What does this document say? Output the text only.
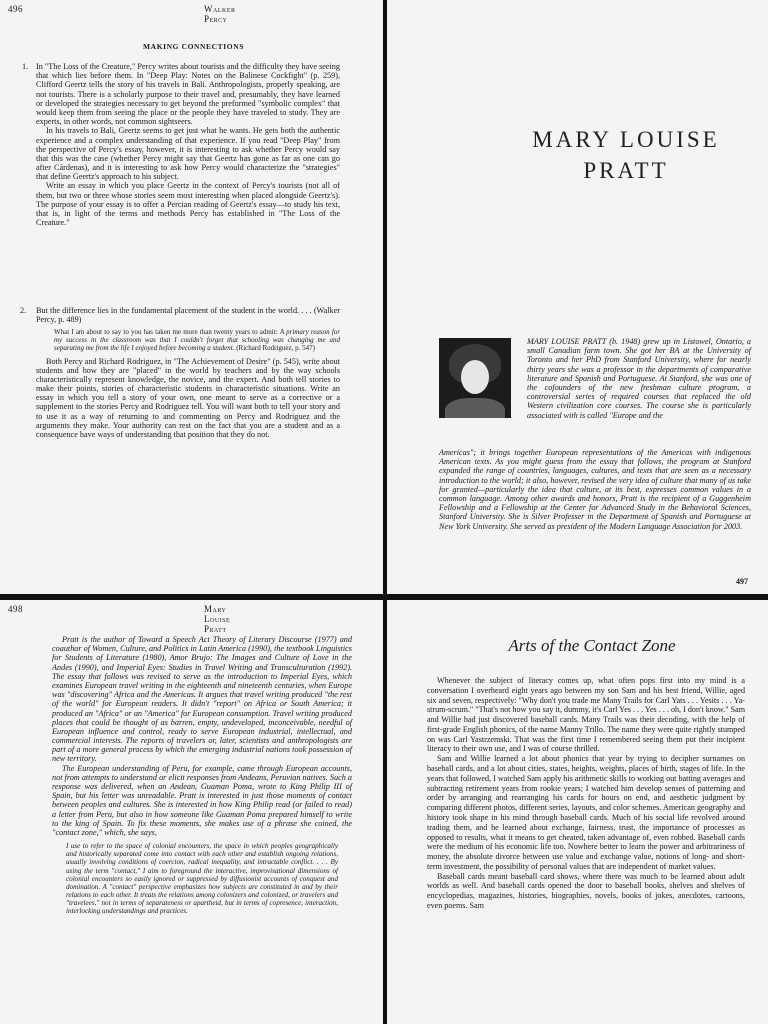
496	Walker Percy
MAKING CONNECTIONS
1. In "The Loss of the Creature," Percy writes about tourists and the difficulty they have seeing that which lies before them. In "Deep Play: Notes on the Balinese Cockfight" (p. 259), Clifford Geertz tells the story of his travels in Bali. Anthropologists, properly speaking, are not tourists. There is a scholarly purpose to their travel and, presumably, they have learned or developed the strategies necessary to get beyond the preformed "symbolic complex" that would keep them from seeing the place or the people they have traveled to study. They are experts, in other words, not common sightseers.

In his travels to Bali, Geertz seems to get just what he wants. He gets both the authentic experience and a complex understanding of that experience. If you read "Deep Play" from the perspective of Percy's essay, however, it is interesting to ask whether Percy would say that this was the case (whether Percy might say that Geertz has gone as far as one can go after Cárdenas), and it is interesting to ask how Percy would characterize the "strategies" that define Geertz's approach to his subject.

Write an essay in which you place Geertz in the context of Percy's tourists (not all of them, but two or three whose stories seem most interesting when placed alongside Geertz's). The purpose of your essay is to offer a Percian reading of Geertz's essay—to study his text, that is, in light of the terms and methods Percy has established in "The Loss of the Creature."

2. But the difference lies in the fundamental placement of the student in the world. . . . (Walker Percy, p. 489)

What I am about to say to you has taken me more than twenty years to admit: A primary reason for my success in the classroom was that I couldn't forget that schooling was changing me and separating me from the life I enjoyed before becoming a student. (Richard Rodriguez, p. 547)

Both Percy and Richard Rodriguez, in "The Achievement of Desire" (p. 545), write about students and how they are "placed" in the world by teachers and by the way schools characteristically represent knowledge, the novice, and the expert. And both tell stories to make their points, stories of characteristic students in characteristic situations. Write an essay in which you tell a story of your own, one meant to serve as a corrective or a supplement to the stories Percy and Rodriguez tell. You will want both to tell your story and to use it as a way of returning to and commenting on Percy and Rodriguez and the arguments they make. Your authority can rest on the fact that you are a student and as a consequence have ways of understanding that position that they do not.

MARY LOUISE
PRATT

MARY LOUISE PRATT (b. 1948) grew up in Listowel, Ontario, a small Canadian farm town. She got her BA at the University of Toronto and her PhD from Stanford University, where for nearly thirty years she was a professor in the departments of comparative literature and Spanish and Portuguese. At Stanford, she was one of the cofounders of the new freshman culture program, a controversial series of required courses that replaced the old Western civilization core courses. The course she is particularly associated with is called "Europe and the

Americas"; it brings together European representations of the Americas with indigenous American texts. As you might guess from the essay that follows, the program at Stanford expanded the range of countries, languages, cultures, and texts that are seen as a necessary introduction to the world; it also, however, revised the very idea of culture that many of us take for granted—particularly the idea that culture, at its best, expresses common values in a common language. Among other awards and honors, Pratt is the recipient of a Guggenheim Fellowship and a Fellowship at the Center for Advanced Study in the Behavioral Sciences, Stanford University. She is Silver Professer in the Department of Spanish and Portuguese at New York University. She served as president of the Modern Language Association for 2003.

497
498	Mary Louise Pratt

Pratt is the author of Toward a Speech Act Theory of Literary Discourse (1977) and coauthor of Women, Culture, and Politics in Latin America (1990), the textbook Linguistics for Students of Literature (1980), Amor Brujo: The Images and Culture of Love in the Andes (1990), and Imperial Eyes: Studies in Travel Writing and Transculturation (1992). The essay that follows was revised to serve as the introduction to Imperial Eyes, which examines European travel writing in the eighteenth and nineteenth centuries, when Europe was "discovering" Africa and the Americas. It argues that travel writing produced "the rest of the world" for European readers. It didn't "report" on Africa or South America; it produced an "Africa" or an "America" for European consumption. Travel writing produced places that could be thought of as barren, empty, undeveloped, inconceivable, needful of European influence and control, ready to serve European industrial, intellectual, and commercial interests. The reports of travelers or, later, scientists and anthropologists are part of a more general process by which the emerging industrial nations took possession of new territory.

The European understanding of Peru, for example, came through European accounts, not from attempts to understand or elicit responses from Andeans, Peruvian natives. Such a response was delivered, when an Andean, Guaman Poma, wrote to King Philip III of Spain, but his letter was unreadable. Pratt is interested in just those moments of contact between peoples and cultures. She is interested in how King Philip read (or failed to read) a letter from Peru, but also in how someone like Guaman Poma prepared himself to write to the king of Spain. To fix these moments, she makes use of a phrase she coined, the "contact zone," which, she says,

I use to refer to the space of colonial encounters, the space in which peoples geographically and historically separated come into contact with each other and establish ongoing relations, usually involving conditions of coercion, radical inequality, and intractable conflict. . . . By using the term "contact," I aim to foreground the interactive, improvisational dimensions of colonial encounters so easily ignored or suppressed by diffusionist accounts of conquest and domination. A "contact" perspective emphasizes how subjects are constituted in and by their relations to each other. It treats the relations among colonizers and colonized, or travelers and "travelees," not in terms of separateness or apartheid, but in terms of copresence, interaction, interlocking understandings and practices.

Arts of the Contact Zone

Whenever the subject of literacy comes up, what often pops first into my mind is a conversation I overheard eight years ago between my son Sam and his best friend, Willie, aged six and seven, respectively: "Why don't you trade me Many Trails for Carl Yats . . . Yesits . . . Ya-strum-scrum." "That's not how you say it, dummy, it's Carl Yes . . . Yes . . . oh, I don't know." Sam and Willie had just discovered baseball cards. Many Trails was their decoding, with the help of first-grade English phonics, of the name Manny Trillo. The name they were quite rightly stumped on was Carl Yastrzemski. That was the first time I remembered seeing them put their incipient literacy to their own use, and I was of course thrilled.

Sam and Willie learned a lot about phonics that year by trying to decipher surnames on baseball cards, and a lot about cities, states, heights, weights, places of birth, stages of life. In the years that followed, I watched Sam apply his arithmetic skills to working out batting averages and subtracting retirement years from rookie years; I watched him develop senses of patterning and order by arranging and rearranging his cards for hours on end, and aesthetic judgment by comparing different photos, different series, layouts, and color schemes. American geography and history took shape in his mind through baseball cards. Much of his social life revolved around trading them, and he learned about exchange, fairness, trust, the importance of processes as opposed to results, what it means to get cheated, taken advantage of, even robbed. Baseball cards were the medium of his economic life too. Nowhere better to learn the power and arbitrariness of money, the absolute divorce between use value and exchange value, notions of long- and short-term investment, the possibility of personal values that are independent of market values.

Baseball cards meant baseball card shows, where there was much to be learned about adult worlds as well. And baseball cards opened the door to baseball books, shelves and shelves of encyclopedias, magazines, histories, biographies, novels, books of jokes, anecdotes, cartoons, even poems. Sam
